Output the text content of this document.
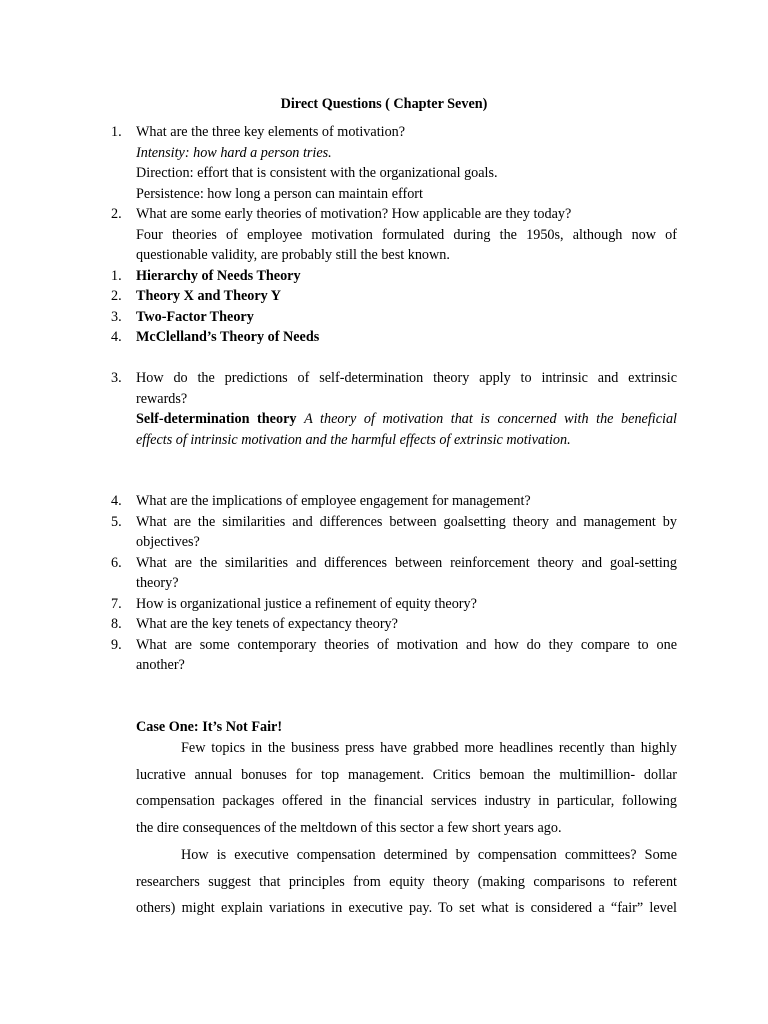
Direct Questions ( Chapter Seven)
1.	What are the three key elements of motivation?
Intensity: how hard a person tries.
Direction: effort that is consistent with the organizational goals.
Persistence: how long a person can maintain effort
2.	What are some early theories of motivation? How applicable are they today?
Four theories of employee motivation formulated during the 1950s, although now of
questionable validity, are probably still the best known.
1.	Hierarchy of Needs Theory
2.	Theory X and Theory Y
3.	Two-Factor Theory
4.	McClelland’s Theory of Needs
3.	How do the predictions of self-determination theory apply to intrinsic and extrinsic
rewards?
Self-determination theory A theory of motivation that is concerned with the beneficial
effects of intrinsic motivation and the harmful effects of extrinsic motivation.
4.	What are the implications of employee engagement for management?
5.	What are the similarities and differences between goalsetting theory and management by
objectives?
6.	What are the similarities and differences between reinforcement theory and goal-setting
theory?
7.	How is organizational justice a refinement of equity theory?
8.	What are the key tenets of expectancy theory?
9.	What are some contemporary theories of motivation and how do they compare to one
another?
Case One: It’s Not Fair!
Few topics in the business press have grabbed more headlines recently than highly
lucrative annual bonuses for top management. Critics bemoan the multimillion- dollar
compensation packages offered in the financial services industry in particular, following
the dire consequences of the meltdown of this sector a few short years ago.
How is executive compensation determined by compensation committees? Some
researchers suggest that principles from equity theory (making comparisons to referent
others) might explain variations in executive pay. To set what is considered a “fair” level
